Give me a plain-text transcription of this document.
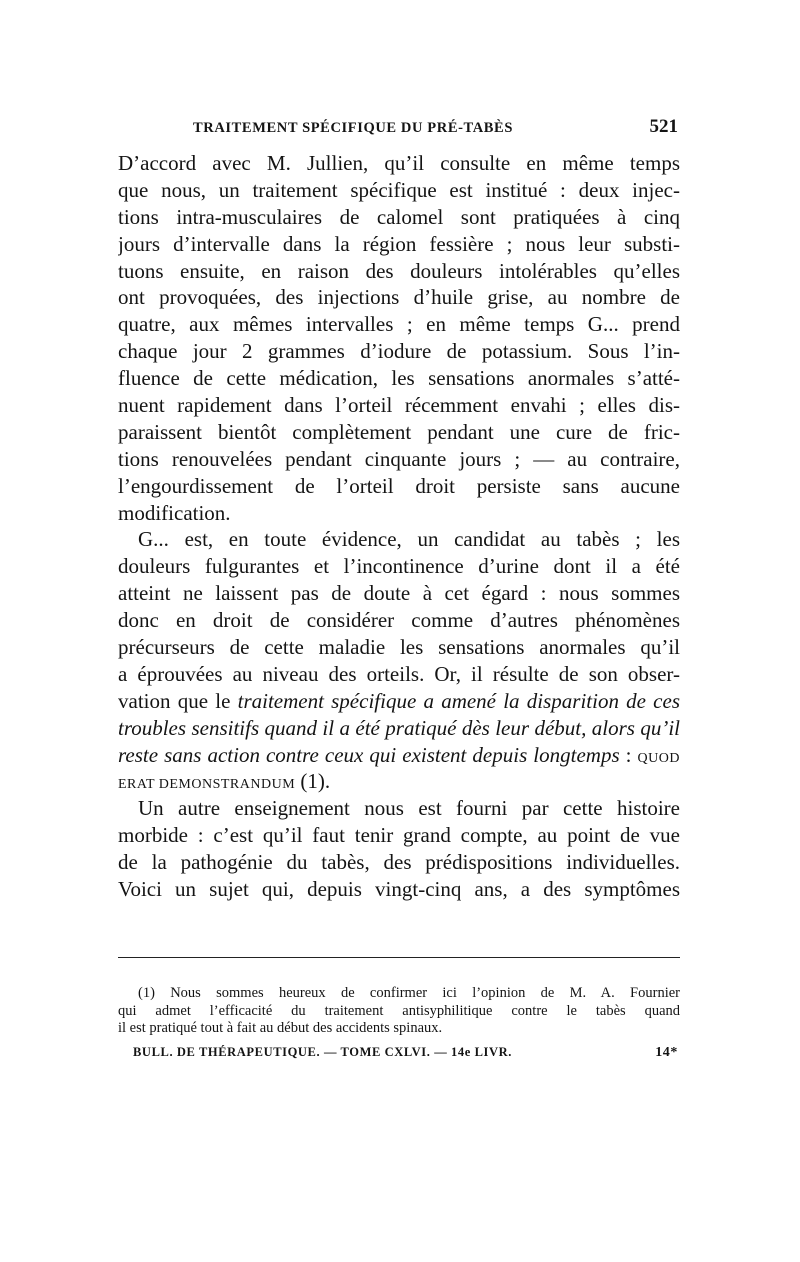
TRAITEMENT SPÉCIFIQUE DU PRÉ-TABÈS	521
D’accord avec M. Jullien, qu’il consulte en même temps
que nous, un traitement spécifique est institué : deux injec-
tions intra-musculaires de calomel sont pratiquées à cinq
jours d’intervalle dans la région fessière ; nous leur substi-
tuons ensuite, en raison des douleurs intolérables qu’elles
ont provoquées, des injections d’huile grise, au nombre de
quatre, aux mêmes intervalles ; en même temps G... prend
chaque jour 2 grammes d’iodure de potassium. Sous l’in-
fluence de cette médication, les sensations anormales s’atté-
nuent rapidement dans l’orteil récemment envahi ; elles dis-
paraissent bientôt complètement pendant une cure de fric-
tions renouvelées pendant cinquante jours ; — au contraire,
l’engourdissement de l’orteil droit persiste sans aucune
modification.
G... est, en toute évidence, un candidat au tabès ; les
douleurs fulgurantes et l’incontinence d’urine dont il a été
atteint ne laissent pas de doute à cet égard : nous sommes
donc en droit de considérer comme d’autres phénomènes
précurseurs de cette maladie les sensations anormales qu’il
a éprouvées au niveau des orteils. Or, il résulte de son obser-
vation que le traitement spécifique a amené la disparition de ces
troubles sensitifs quand il a été pratiqué dès leur début, alors qu’il
reste sans action contre ceux qui existent depuis longtemps : QUOD
ERAT DEMONSTRANDUM (1).
Un autre enseignement nous est fourni par cette histoire
morbide : c’est qu’il faut tenir grand compte, au point de vue
de la pathogénie du tabès, des prédispositions individuelles.
Voici un sujet qui, depuis vingt-cinq ans, a des symptômes
(1) Nous sommes heureux de confirmer ici l’opinion de M. A. Fournier
qui admet l’efficacité du traitement antisyphilitique contre le tabès quand
il est pratiqué tout à fait au début des accidents spinaux.
BULL. DE THÉRAPEUTIQUE. — TOME CXLVI. — 14e LIVR.	14*
